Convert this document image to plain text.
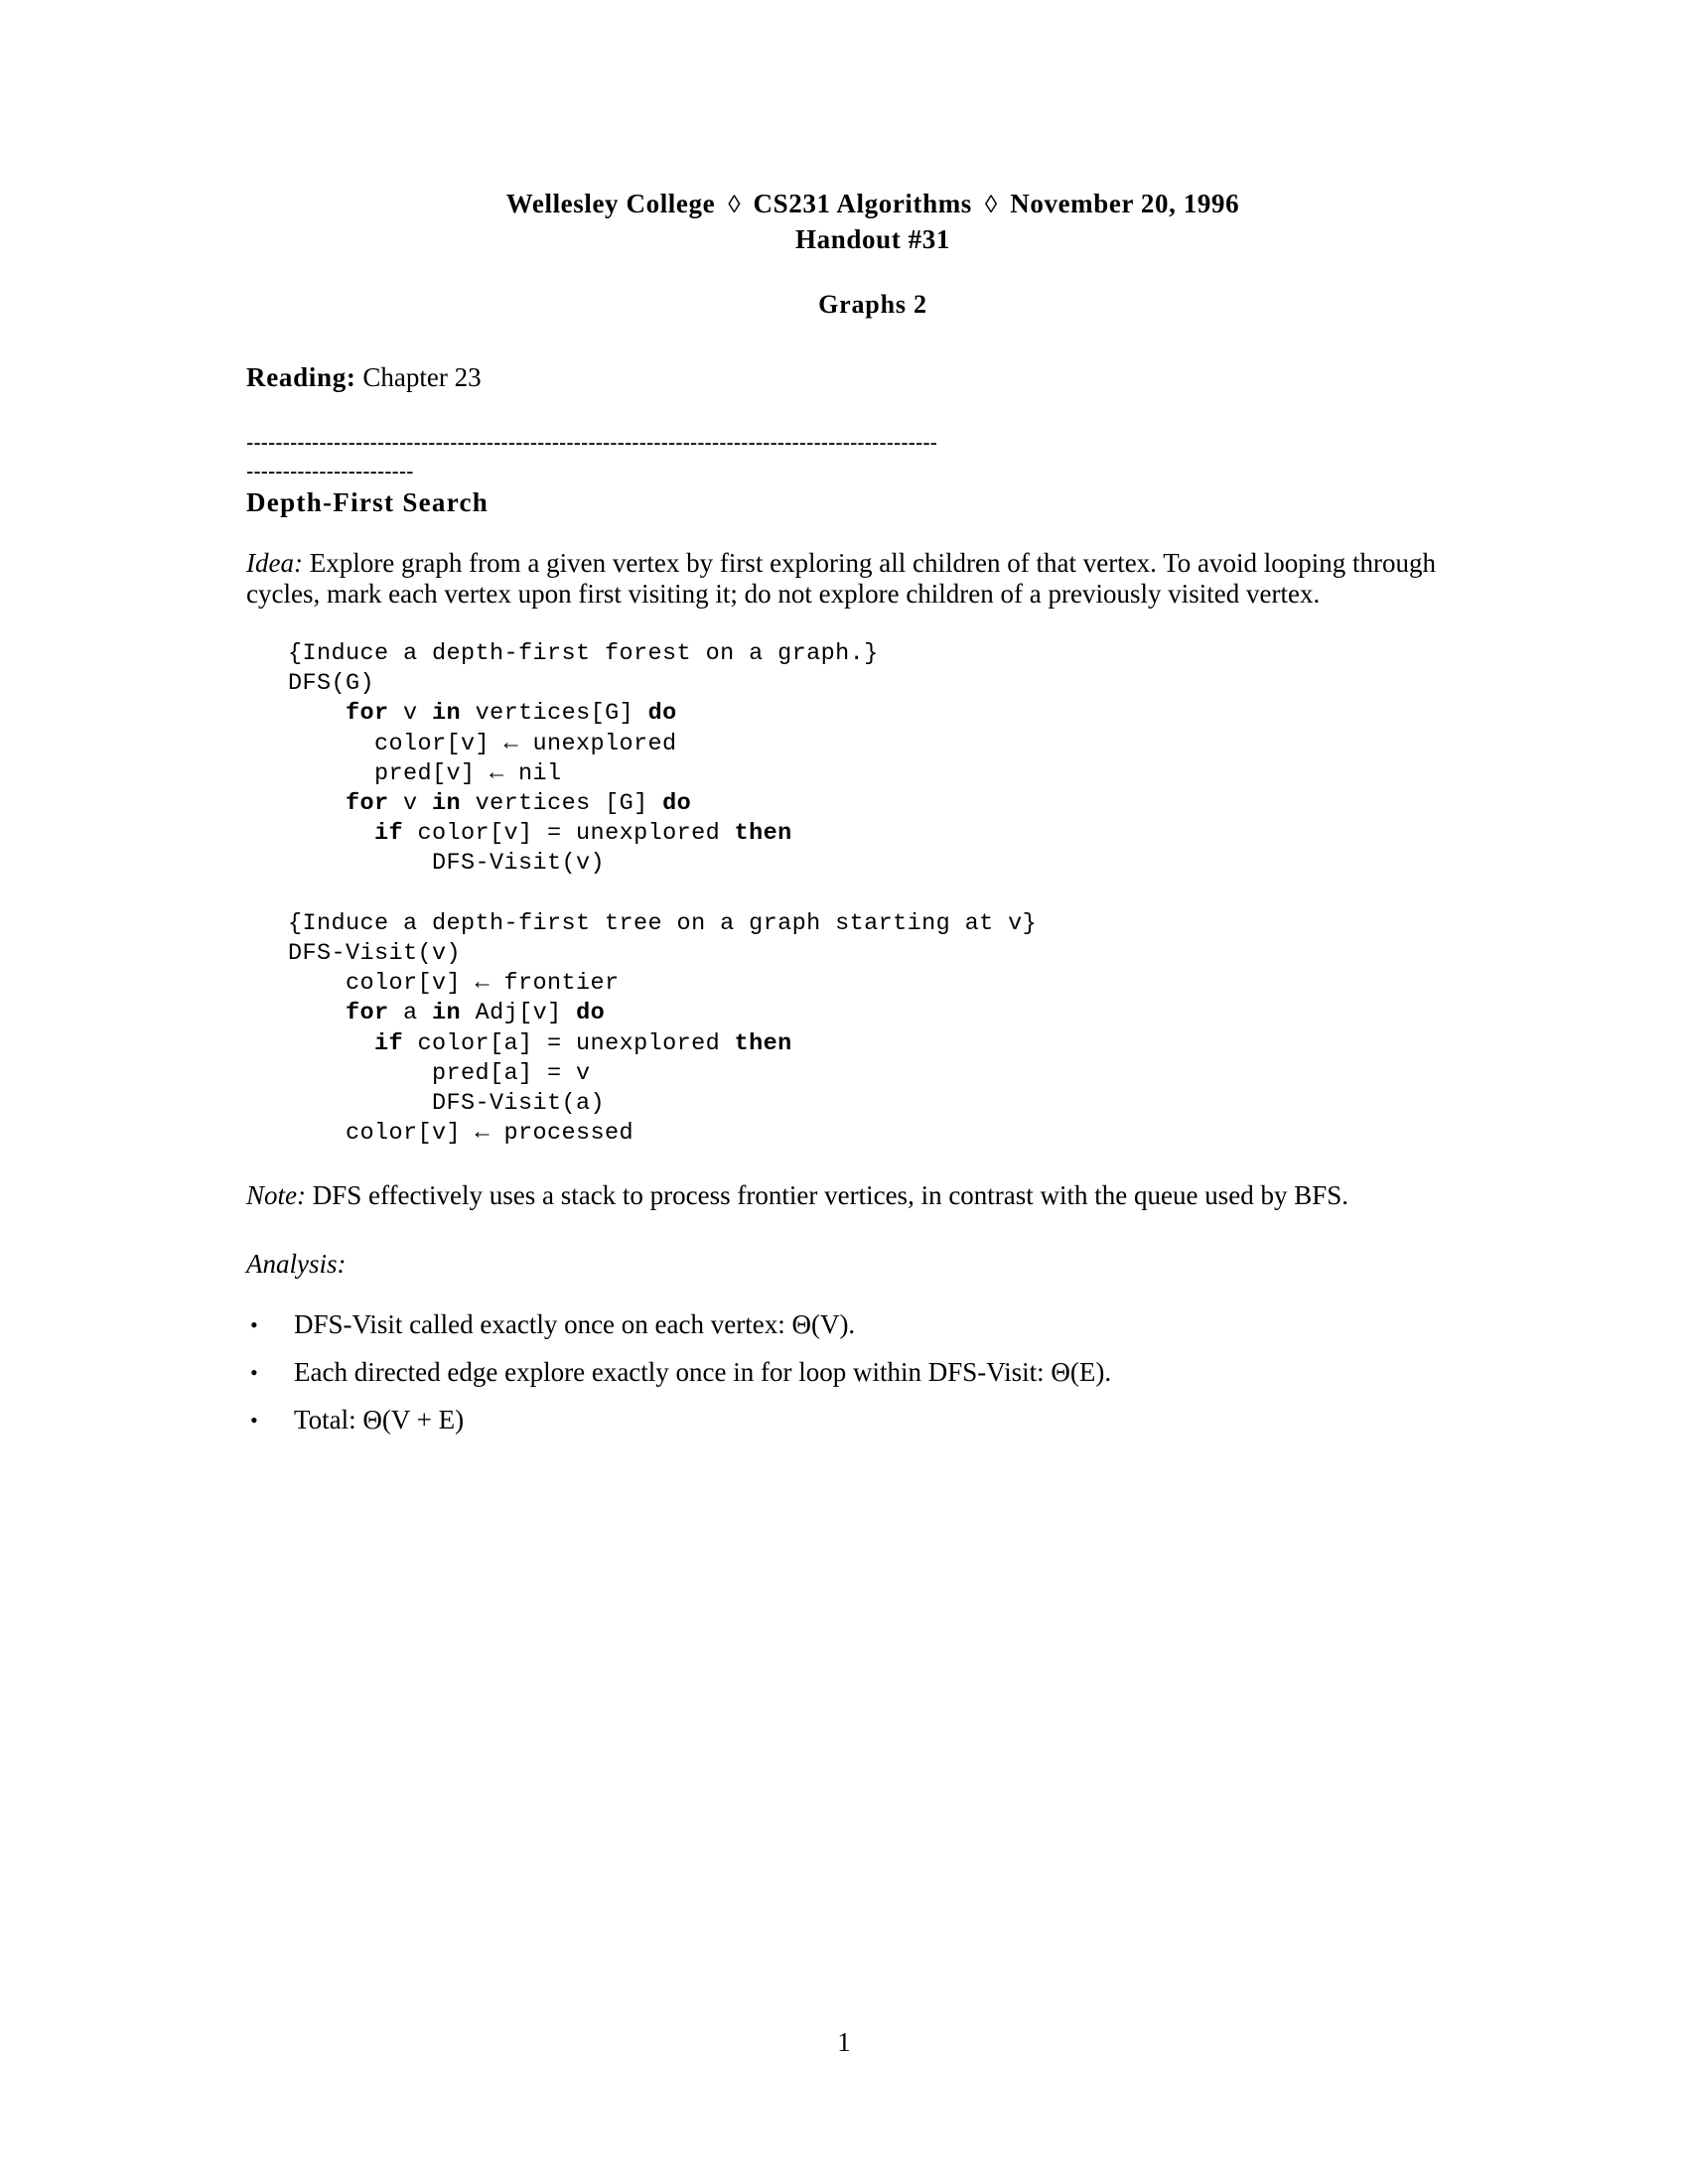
Wellesley College ◊ CS231 Algorithms ◊ November 20, 1996
Handout #31
Graphs 2
Reading: Chapter 23
-----------------------------------------------------------------------------------------------
-----------------------
Depth-First Search
Idea: Explore graph from a given vertex by first exploring all children of that vertex. To avoid looping through cycles, mark each vertex upon first visiting it; do not explore children of a previously visited vertex.
{Induce a depth-first forest on a graph.}
DFS(G)
for v in vertices[G] do
color[v] ← unexplored
pred[v] ← nil
for v in vertices [G] do
if color[v] = unexplored then
DFS-Visit(v)

{Induce a depth-first tree on a graph starting at v}
DFS-Visit(v)
color[v] ← frontier
for a in Adj[v] do
if color[a] = unexplored then
pred[a] = v
DFS-Visit(a)
color[v] ← processed
Note: DFS effectively uses a stack to process frontier vertices, in contrast with the queue used by BFS.
Analysis:
•	DFS-Visit called exactly once on each vertex: Θ(V).
•	Each directed edge explore exactly once in for loop within DFS-Visit: Θ(E).
•	Total: Θ(V + E)
1
